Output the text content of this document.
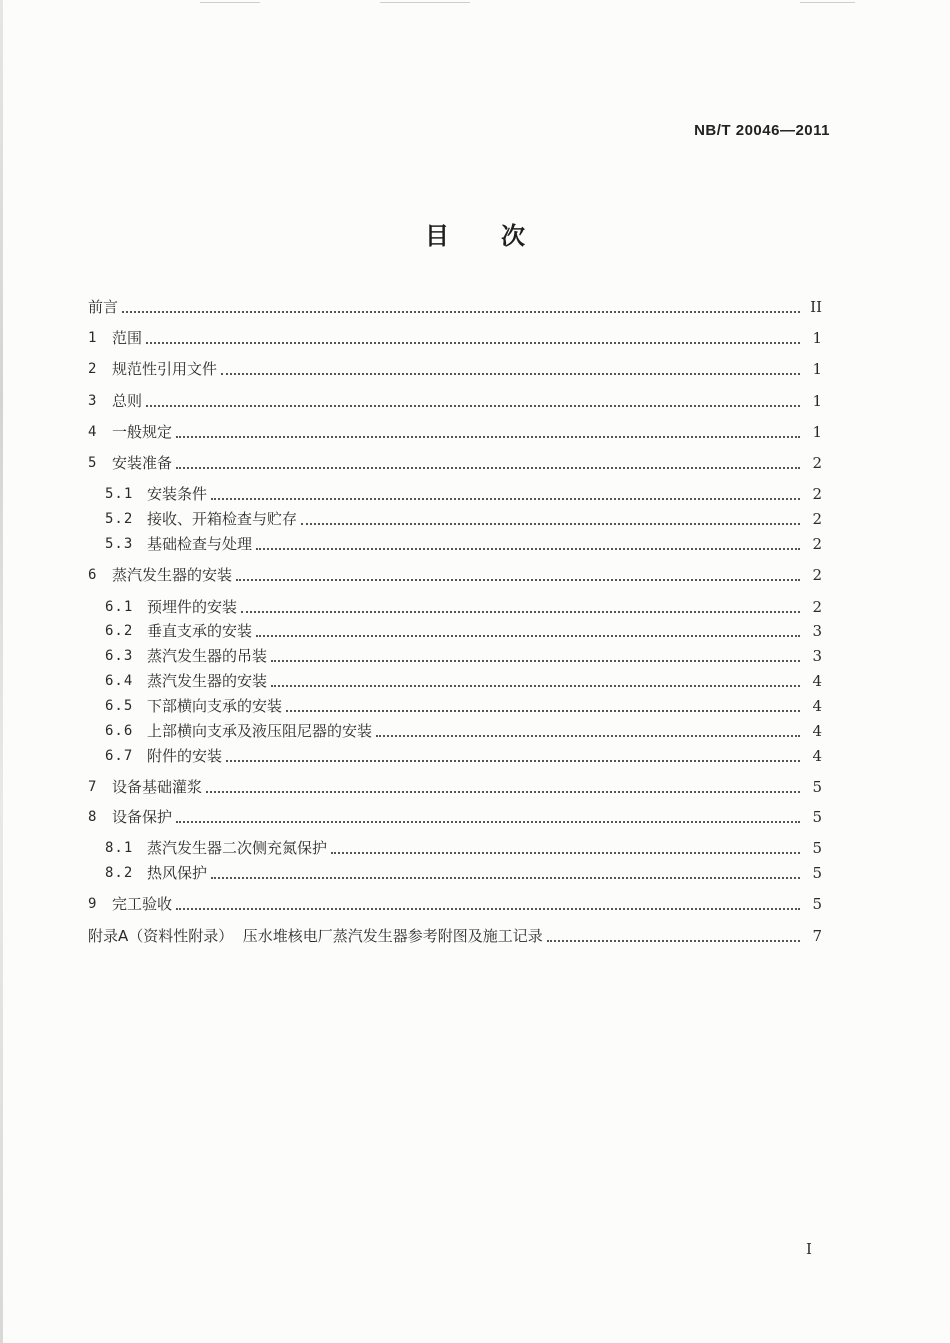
NB/T 20046—2011
目次
前言	II
1	范围	1
2	规范性引用文件	1
3	总则	1
4	一般规定	1
5	安装准备	2
5.1 安装条件	2
5.2 接收、开箱检查与贮存	2
5.3 基础检查与处理	2
6	蒸汽发生器的安装	2
6.1 预埋件的安装	2
6.2 垂直支承的安装	3
6.3 蒸汽发生器的吊装	3
6.4 蒸汽发生器的安装	4
6.5 下部横向支承的安装	4
6.6 上部横向支承及液压阻尼器的安装	4
6.7 附件的安装	4
7	设备基础灌浆	5
8	设备保护	5
8.1 蒸汽发生器二次侧充氮保护	5
8.2 热风保护	5
9	完工验收	5
附录A（资料性附录）  压水堆核电厂蒸汽发生器参考附图及施工记录	7
I
